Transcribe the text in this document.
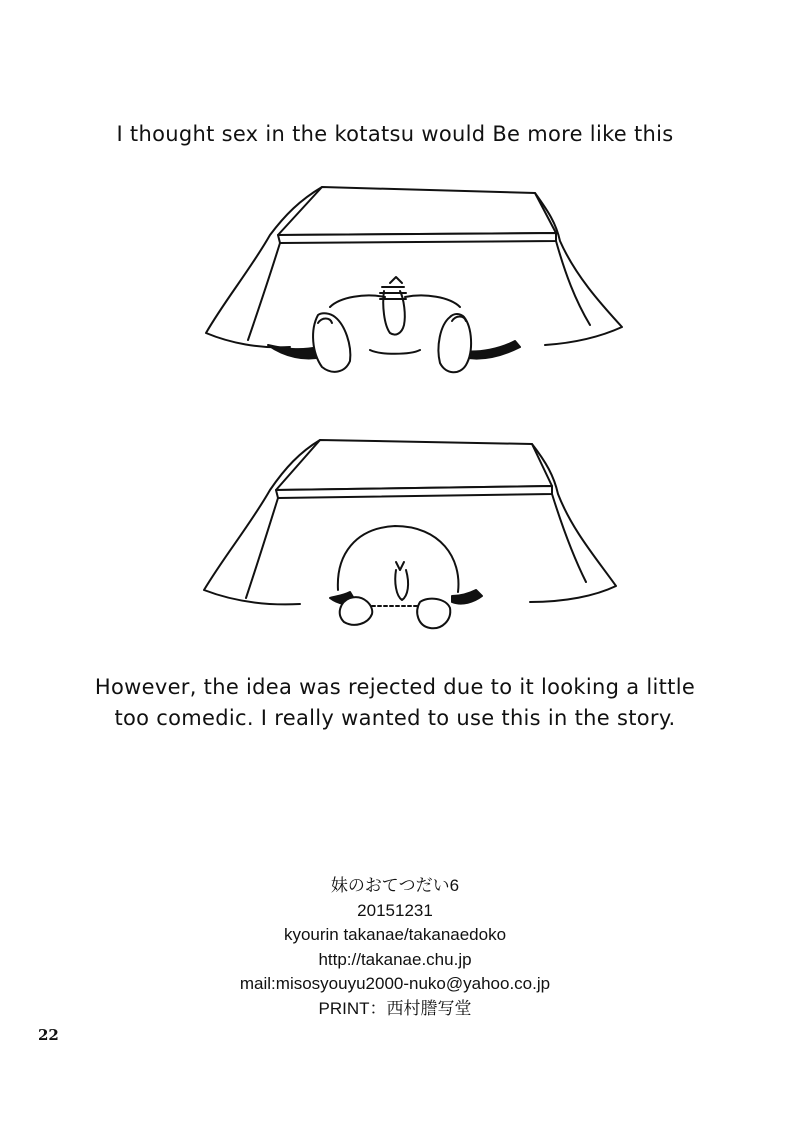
I thought sex in the kotatsu would Be more like this
However, the idea was rejected due to it looking a little
too comedic. I really wanted to use this in the story.
妹のおてつだい6
20151231
kyourin takanae/takanaedoko
http://takanae.chu.jp
mail:misosyouyu2000-nuko@yahoo.co.jp
PRINT：西村謄写堂
22
